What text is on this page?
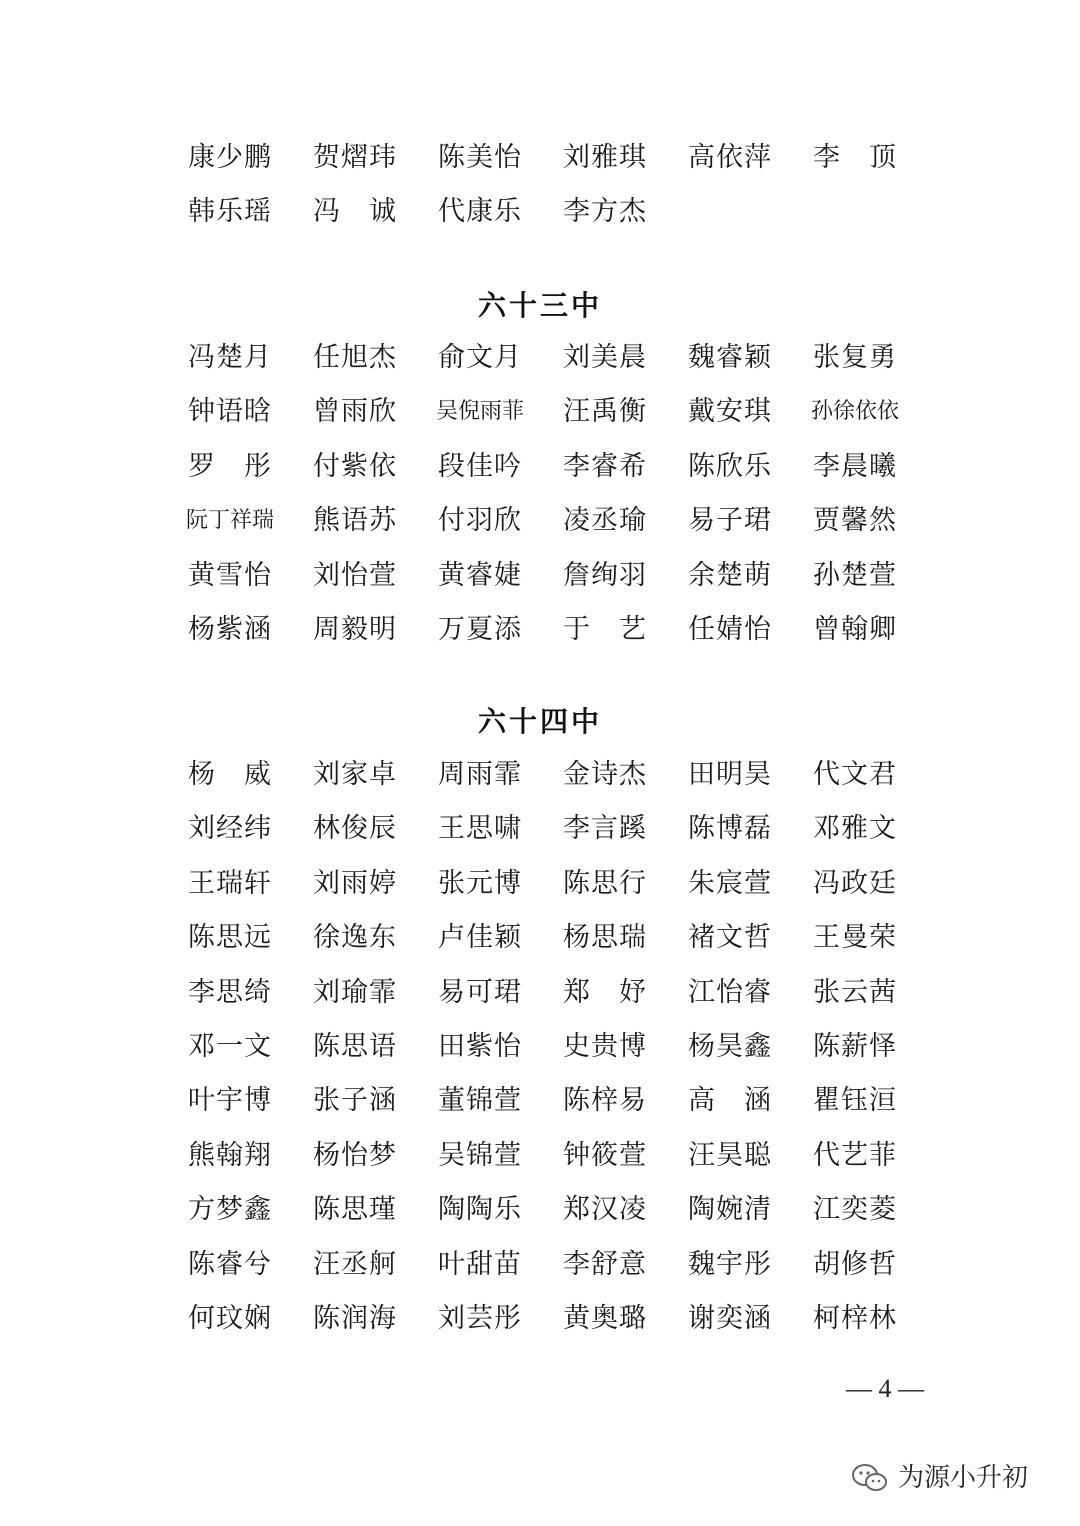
康少鹏	贺熠玮	陈美怡	刘雅琪	高依萍	李　顶
韩乐瑶	冯　诚	代康乐	李方杰
六十三中
冯楚月	任旭杰	俞文月	刘美晨	魏睿颖	张复勇
钟语晗	曾雨欣	吴倪雨菲	汪禹衡	戴安琪	孙徐依依
罗　彤	付紫依	段佳吟	李睿希	陈欣乐	李晨曦
阮丁祥瑞	熊语苏	付羽欣	凌丞瑜	易子珺	贾馨然
黄雪怡	刘怡萱	黄睿婕	詹绚羽	余楚萌	孙楚萱
杨紫涵	周毅明	万夏添	于　艺	任婧怡	曾翰卿
六十四中
杨　威	刘家卓	周雨霏	金诗杰	田明昊	代文君
刘经纬	林俊辰	王思啸	李言蹊	陈博磊	邓雅文
王瑞轩	刘雨婷	张元博	陈思行	朱宸萱	冯政廷
陈思远	徐逸东	卢佳颖	杨思瑞	褚文哲	王曼荣
李思绮	刘瑜霏	易可珺	郑　妤	江怡睿	张云茜
邓一文	陈思语	田紫怡	史贵博	杨昊鑫	陈薪怿
叶宇博	张子涵	董锦萱	陈梓易	高　涵	瞿钰洹
熊翰翔	杨怡梦	吴锦萱	钟筱萱	汪昊聪	代艺菲
方梦鑫	陈思瑾	陶陶乐	郑汉凌	陶婉清	江奕菱
陈睿兮	汪丞舸	叶甜苗	李舒意	魏宇彤	胡修哲
何玟娴	陈润海	刘芸彤	黄奥璐	谢奕涵	柯梓林
— 4 —
为源小升初
